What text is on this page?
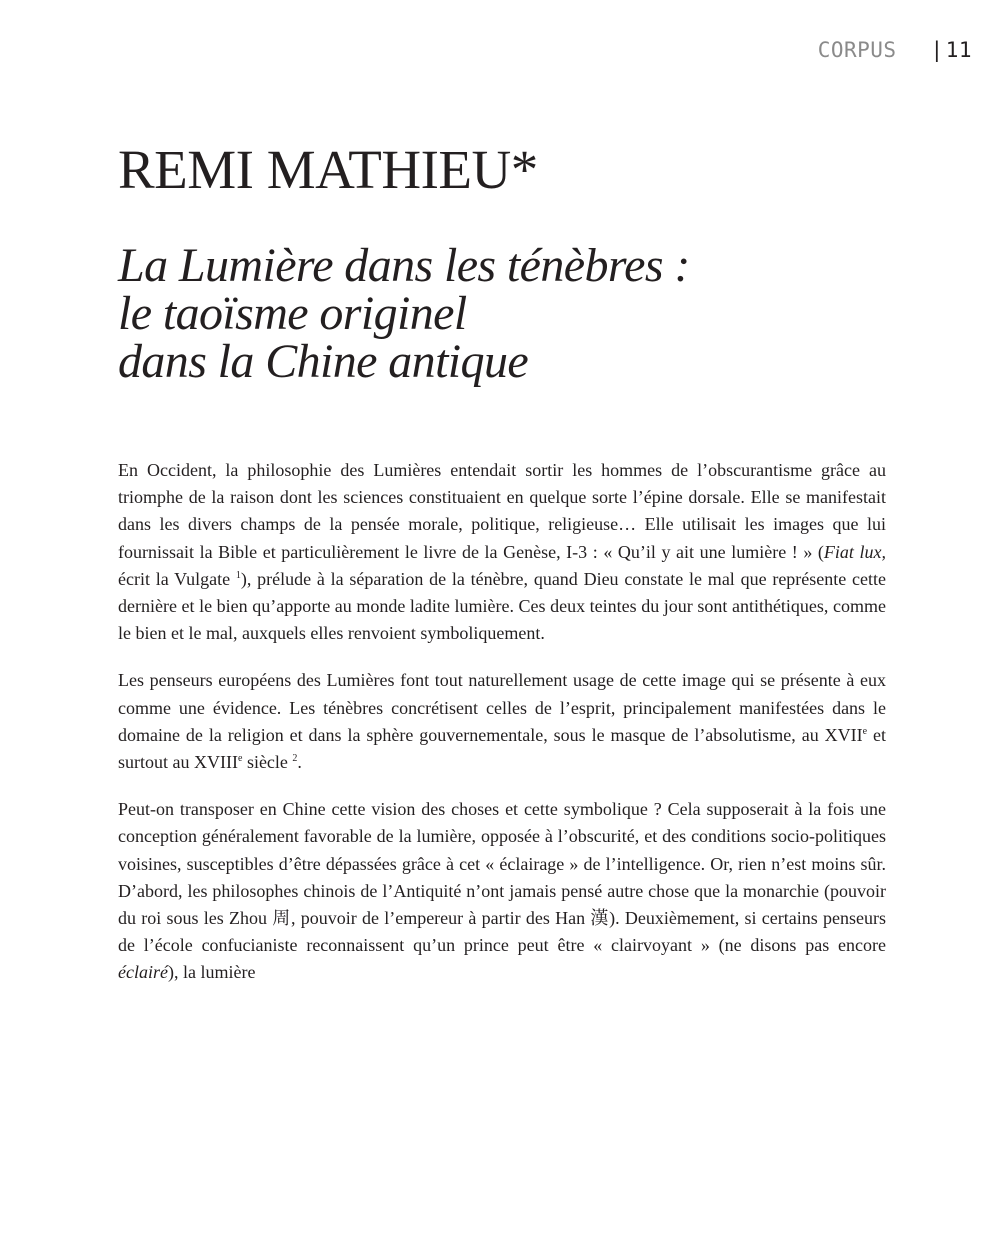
CORPUS | 11
REMI MATHIEU*
La Lumière dans les ténèbres :
le taoïsme originel
dans la Chine antique

En Occident, la philosophie des Lumières entendait sortir les hommes de l’obscurantisme grâce au triomphe de la raison dont les sciences constituaient en quelque sorte l’épine dorsale. Elle se manifestait dans les divers champs de la pensée morale, politique, religieuse… Elle utilisait les images que lui fournissait la Bible et particulièrement le livre de la Genèse, I-3 : « Qu’il y ait une lumière ! » (Fiat lux, écrit la Vulgate $^1$), prélude à la séparation de la ténèbre, quand Dieu constate le mal que représente cette dernière et le bien qu’apporte au monde ladite lumière. Ces deux teintes du jour sont antithétiques, comme le bien et le mal, auxquels elles renvoient symboliquement.

Les penseurs européens des Lumières font tout naturellement usage de cette image qui se présente à eux comme une évidence. Les ténèbres concrétisent celles de l’esprit, principalement manifestées dans le domaine de la religion et dans la sphère gouvernementale, sous le masque de l’absolutisme, au XVIIe et surtout au XVIIIe siècle $^2$.

Peut-on transposer en Chine cette vision des choses et cette symbolique ? Cela supposerait à la fois une conception généralement favorable de la lumière, opposée à l’obscurité, et des conditions socio-politiques voisines, susceptibles d’être dépassées grâce à cet « éclairage » de l’intelligence. Or, rien n’est moins sûr. D’abord, les philosophes chinois de l’Antiquité n’ont jamais pensé autre chose que la monarchie (pouvoir du roi sous les Zhou 周, pouvoir de l’empereur à partir des Han 漢). Deuxièmement, si certains penseurs de l’école confucianiste reconnaissent qu’un prince peut être « clairvoyant » (ne disons pas encore éclairé), la lumière
